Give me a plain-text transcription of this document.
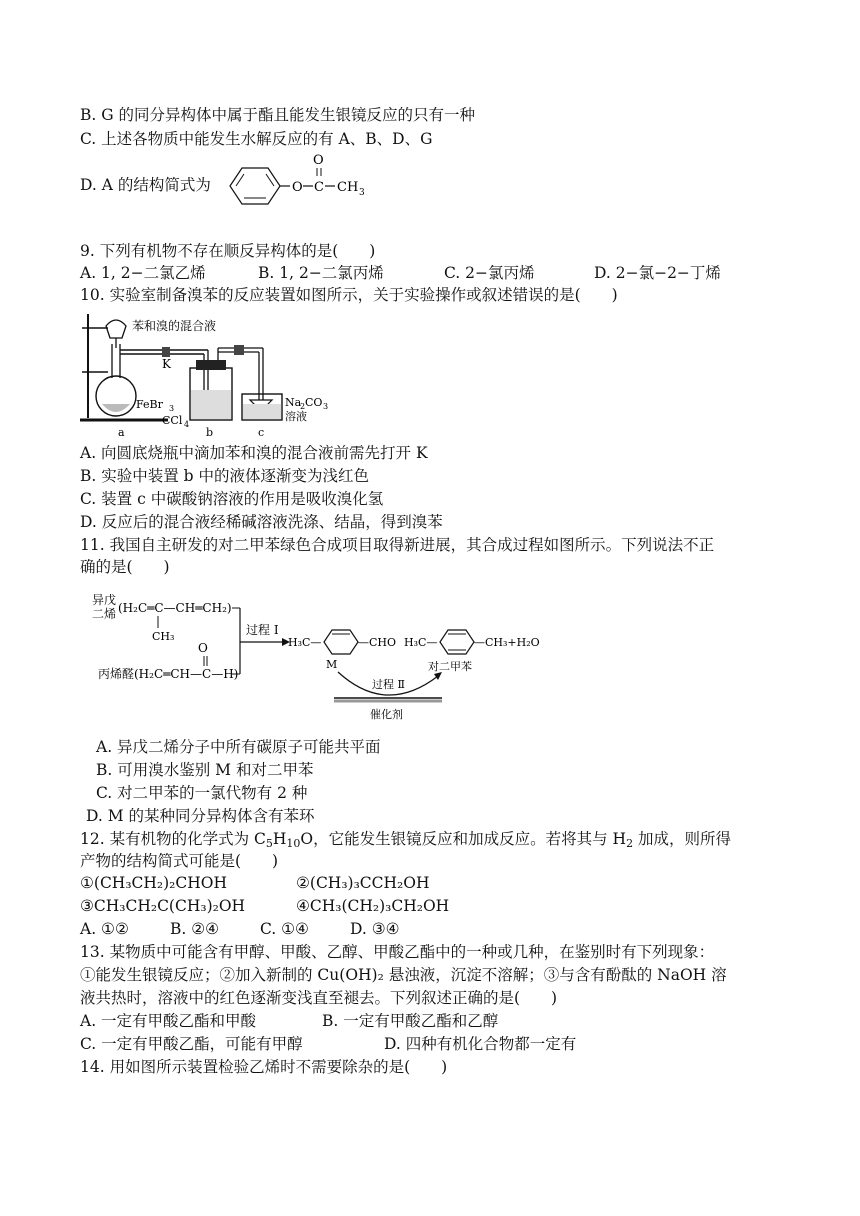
B. G 的同分异构体中属于酯且能发生银镜反应的只有一种
C. 上述各物质中能发生水解反应的有 A、B、D、G
D. A 的结构简式为	O C
O
CH 3
9. 下列有机物不存在顺反异构体的是(　　)
A. 1, 2−二氯乙烯	B. 1, 2−二氯丙烯	C. 2−氯丙烯	D. 2−氯−2−丁烯
10. 实验室制备溴苯的反应装置如图所示，关于实验操作或叙述错误的是(　　)
苯和溴的混合液
K
FeBr 3
CCl 4
Na
2 CO 3
溶液
a	b	c
A. 向圆底烧瓶中滴加苯和溴的混合液前需先打开 K
B. 实验中装置 b 中的液体逐渐变为浅红色
C. 装置 c 中碳酸钠溶液的作用是吸收溴化氢
D. 反应后的混合液经稀碱溶液洗涤、结晶，得到溴苯
11. 我国自主研发的对二甲苯绿色合成项目取得新进展，其合成过程如图所示。下列说法不正
确的是(　　)
异戊
二烯 (H₂C═C—CH═CH₂)
CH₃
O
丙烯醛(H₂C═CH—C—H)
过程 Ⅰ
H₃C—	—CHO
M
H₃C—	—CH₃+H₂O
对二甲苯
过程 Ⅱ
催化剂
A. 异戊二烯分子中所有碳原子可能共平面
B. 可用溴水鉴别 M 和对二甲苯
C. 对二甲苯的一氯代物有 2 种
D. M 的某种同分异构体含有苯环
12. 某有机物的化学式为 $C_5H_{10}O$，它能发生银镜反应和加成反应。若将其与 $H_2$ 加成，则所得
产物的结构简式可能是(　　)
①(CH₃CH₂)₂CHOH	②(CH₃)₃CCH₂OH
③CH₃CH₂C(CH₃)₂OH	④CH₃(CH₂)₃CH₂OH
A. ①②	B. ②④	C. ①④	D. ③④
13. 某物质中可能含有甲醇、甲酸、乙醇、甲酸乙酯中的一种或几种，在鉴别时有下列现象：
①能发生银镜反应；②加入新制的 Cu(OH)₂ 悬浊液，沉淀不溶解；③与含有酚酞的 NaOH 溶
液共热时，溶液中的红色逐渐变浅直至褪去。下列叙述正确的是(　　)
A. 一定有甲酸乙酯和甲酸	B. 一定有甲酸乙酯和乙醇
C. 一定有甲酸乙酯，可能有甲醇	D. 四种有机化合物都一定有
14. 用如图所示装置检验乙烯时不需要除杂的是(　　)
